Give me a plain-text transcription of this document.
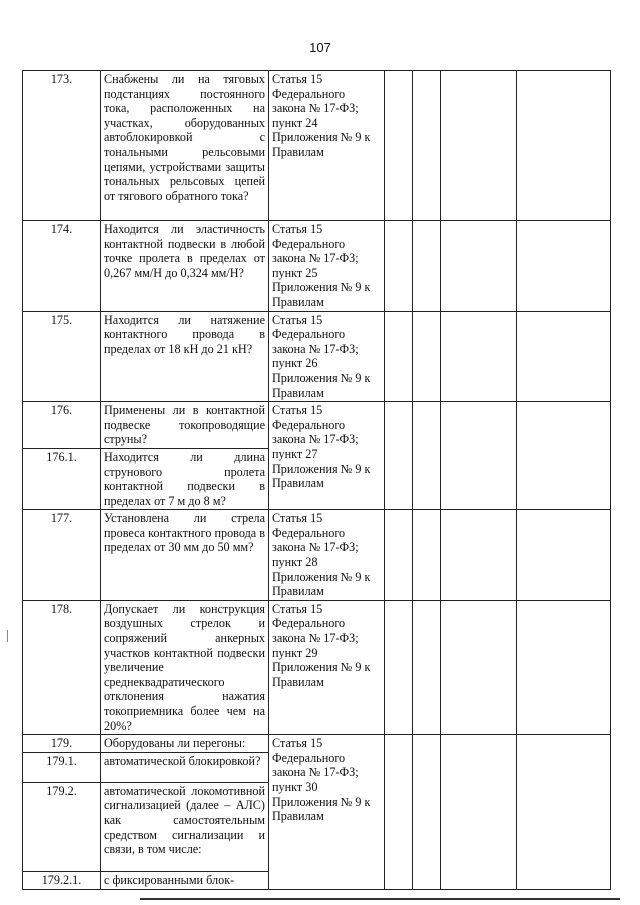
107
173.	Снабжены ли на тяговых подстанциях постоянного тока, расположенных на участках, оборудованных автоблокировкой с тональными рельсовыми цепями, устройствами защиты тональных рельсовых цепей от тягового обратного тока?	Статья 15 Федерального закона № 17-ФЗ; пункт 24 Приложения № 9 к Правилам				
174.	Находится ли эластичность контактной подвески в любой точке пролета в пределах от 0,267 мм/Н до 0,324 мм/Н?	Статья 15 Федерального закона № 17-ФЗ; пункт 25 Приложения № 9 к Правилам				
175.	Находится ли натяжение контактного провода в пределах от 18 кН до 21 кН?	Статья 15 Федерального закона № 17-ФЗ; пункт 26 Приложения № 9 к Правилам				
176.	Применены ли в контактной подвеске токопроводящие струны?	Статья 15 Федерального закона № 17-ФЗ; пункт 27 Приложения № 9 к Правилам				
176.1.	Находится ли длина струнового пролета контактной подвески в пределах от 7 м до 8 м?					
177.	Установлена ли стрела провеса контактного провода в пределах от 30 мм до 50 мм?	Статья 15 Федерального закона № 17-ФЗ; пункт 28 Приложения № 9 к Правилам				
178.	Допускает ли конструкция воздушных стрелок и сопряжений анкерных участков контактной подвески увеличение среднеквадратического отклонения нажатия токоприемника более чем на 20%?	Статья 15 Федерального закона № 17-ФЗ; пункт 29 Приложения № 9 к Правилам				
179.	Оборудованы ли перегоны:	Статья 15 Федерального закона № 17-ФЗ; пункт 30 Приложения № 9 к Правилам				
179.1.	автоматической блокировкой?					
179.2.	автоматической локомотивной сигнализацией (далее – АЛС) как самостоятельным средством сигнализации и связи, в том числе:					
179.2.1.	с фиксированными блок-					
